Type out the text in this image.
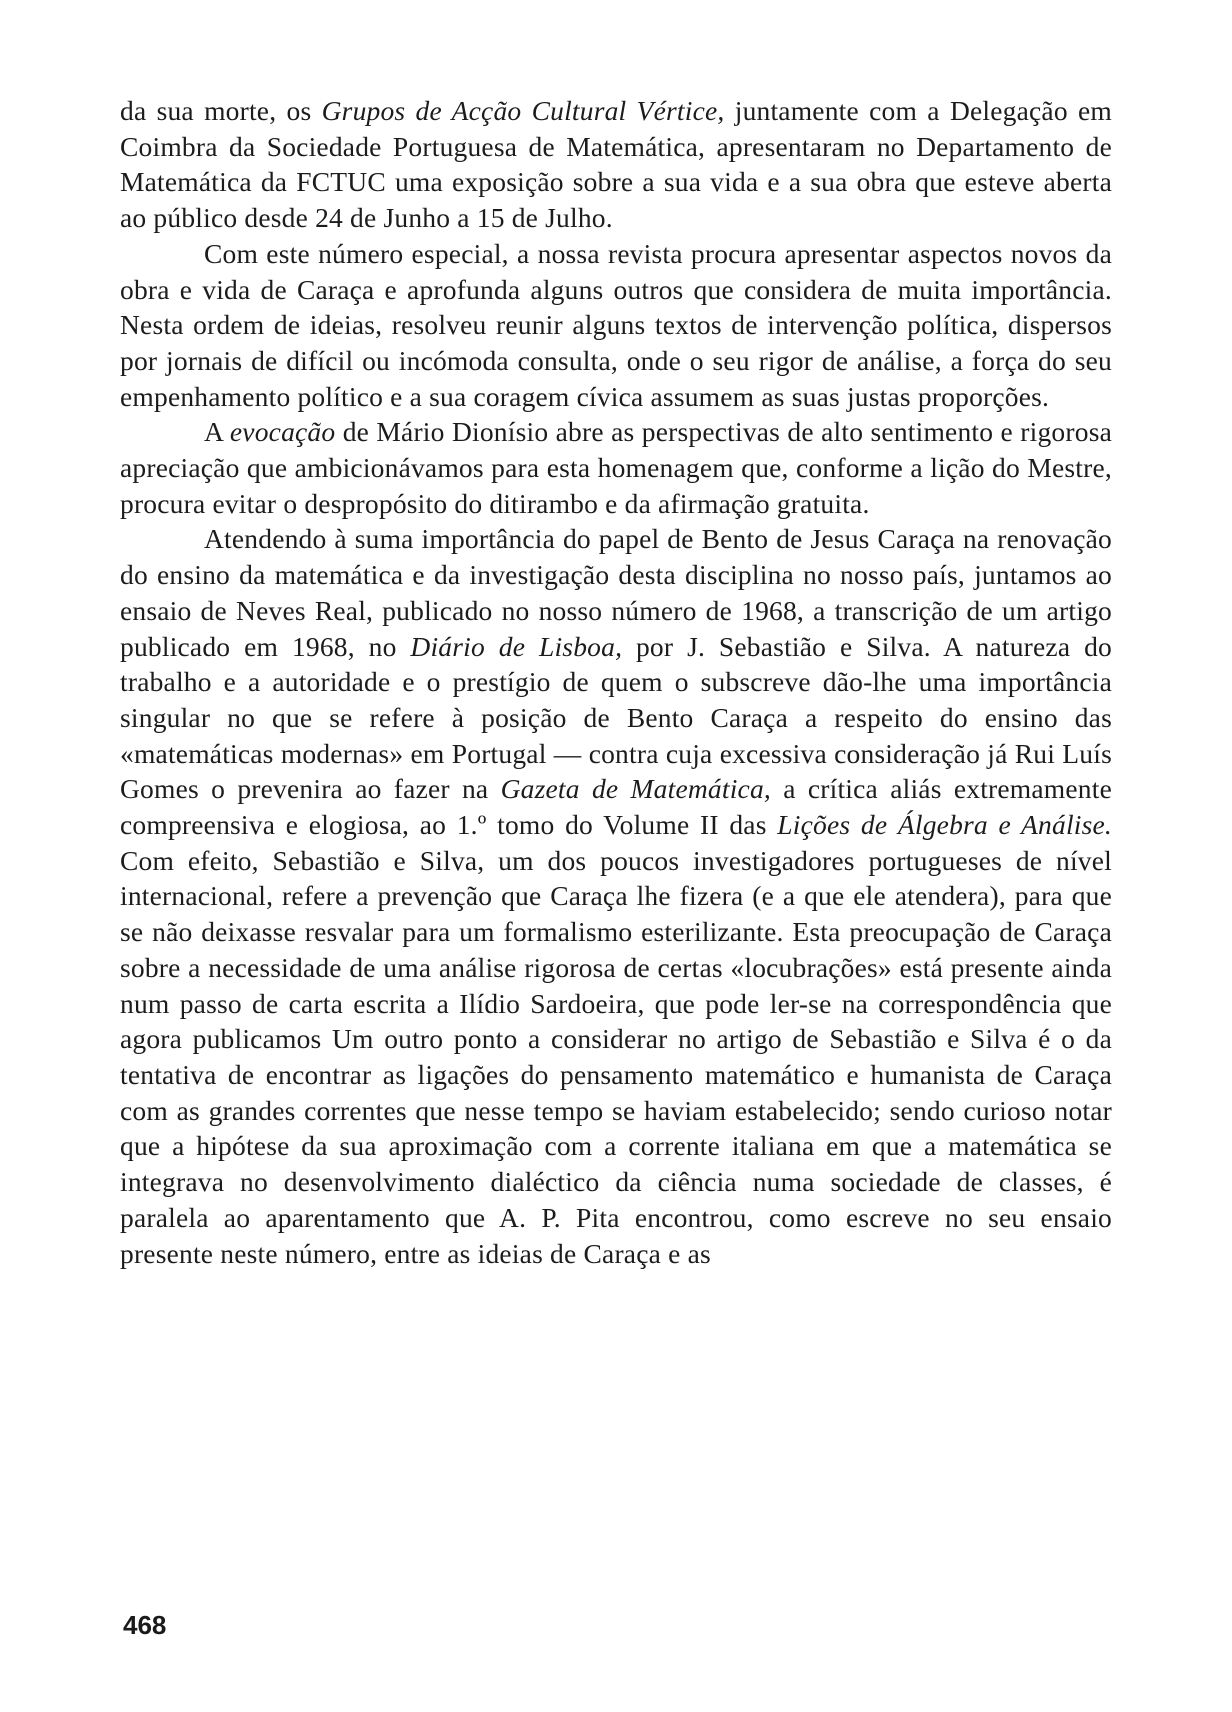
da sua morte, os Grupos de Acção Cultural Vértice, juntamente com a Delegação em Coimbra da Sociedade Portuguesa de Matemática, apresentaram no Departamento de Matemática da FCTUC uma exposição sobre a sua vida e a sua obra que esteve aberta ao público desde 24 de Junho a 15 de Julho.

Com este número especial, a nossa revista procura apresentar aspectos novos da obra e vida de Caraça e aprofunda alguns outros que considera de muita importância. Nesta ordem de ideias, resolveu reunir alguns textos de intervenção política, dispersos por jornais de difícil ou incómoda consulta, onde o seu rigor de análise, a força do seu empenhamento político e a sua coragem cívica assumem as suas justas proporções.

A evocação de Mário Dionísio abre as perspectivas de alto sentimento e rigorosa apreciação que ambicionávamos para esta homenagem que, conforme a lição do Mestre, procura evitar o despropósito do ditirambo e da afirmação gratuita.

Atendendo à suma importância do papel de Bento de Jesus Caraça na renovação do ensino da matemática e da investigação desta disciplina no nosso país, juntamos ao ensaio de Neves Real, publicado no nosso número de 1968, a transcrição de um artigo publicado em 1968, no Diário de Lisboa, por J. Sebastião e Silva. A natureza do trabalho e a autoridade e o prestígio de quem o subscreve dão-lhe uma importância singular no que se refere à posição de Bento Caraça a respeito do ensino das «matemáticas modernas» em Portugal — contra cuja excessiva consideração já Rui Luís Gomes o prevenira ao fazer na Gazeta de Matemática, a crítica aliás extremamente compreensiva e elogiosa, ao 1.º tomo do Volume II das Lições de Álgebra e Análise. Com efeito, Sebastião e Silva, um dos poucos investigadores portugueses de nível internacional, refere a prevenção que Caraça lhe fizera (e a que ele atendera), para que se não deixasse resvalar para um formalismo esterilizante. Esta preocupação de Caraça sobre a necessidade de uma análise rigorosa de certas «locubrações» está presente ainda num passo de carta escrita a Ilídio Sardoeira, que pode ler-se na correspondência que agora publicamos Um outro ponto a considerar no artigo de Sebastião e Silva é o da tentativa de encontrar as ligações do pensamento matemático e humanista de Caraça com as grandes correntes que nesse tempo se haviam estabelecido; sendo curioso notar que a hipótese da sua aproximação com a corrente italiana em que a matemática se integrava no desenvolvimento dialéctico da ciência numa sociedade de classes, é paralela ao aparentamento que A. P. Pita encontrou, como escreve no seu ensaio presente neste número, entre as ideias de Caraça e as

468
